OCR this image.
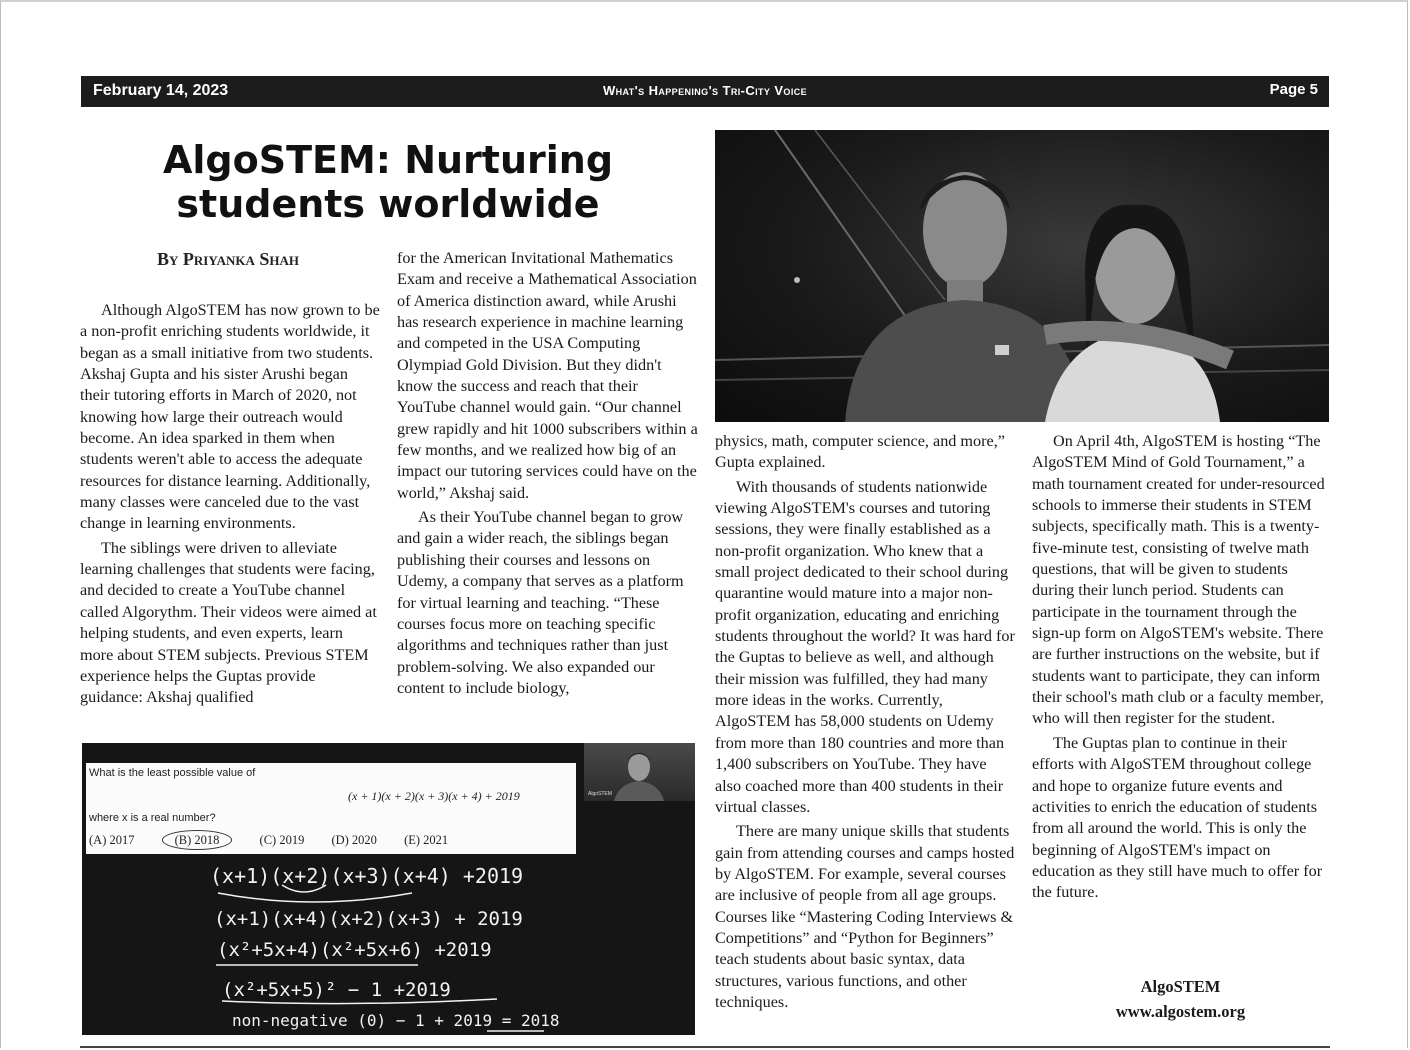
February 14, 2023	What's Happening's Tri-City Voice	Page 5
AlgoSTEM: Nurturing students worldwide
By Priyanka Shah

Although AlgoSTEM has now grown to be a non-profit enriching students worldwide, it began as a small initiative from two students. Akshaj Gupta and his sister Arushi began their tutoring efforts in March of 2020, not knowing how large their outreach would become. An idea sparked in them when students weren't able to access the adequate resources for distance learning. Additionally, many classes were canceled due to the vast change in learning environments.

The siblings were driven to alleviate learning challenges that students were facing, and decided to create a YouTube channel called Algorythm. Their videos were aimed at helping students, and even experts, learn more about STEM subjects. Previous STEM experience helps the Guptas provide guidance: Akshaj qualified

for the American Invitational Mathematics Exam and receive a Mathematical Association of America distinction award, while Arushi has research experience in machine learning and competed in the USA Computing Olympiad Gold Division. But they didn't know the success and reach that their YouTube channel would gain. “Our channel grew rapidly and hit 1000 subscribers within a few months, and we realized how big of an impact our tutoring services could have on the world,” Akshaj said.

As their YouTube channel began to grow and gain a wider reach, the siblings began publishing their courses and lessons on Udemy, a company that serves as a platform for virtual learning and teaching. “These courses focus more on teaching specific algorithms and techniques rather than just problem-solving. We also expanded our content to include biology,

physics, math, computer science, and more,” Gupta explained.

With thousands of students nationwide viewing AlgoSTEM's courses and tutoring sessions, they were finally established as a non-profit organization. Who knew that a small project dedicated to their school during quarantine would mature into a major non-profit organization, educating and enriching students throughout the world? It was hard for the Guptas to believe as well, and although their mission was fulfilled, they had many more ideas in the works. Currently, AlgoSTEM has 58,000 students on Udemy from more than 180 countries and more than 1,400 subscribers on YouTube. They have also coached more than 400 students in their virtual classes.

There are many unique skills that students gain from attending courses and camps hosted by AlgoSTEM. For example, several courses are inclusive of people from all age groups. Courses like “Mastering Coding Interviews & Competitions” and “Python for Beginners” teach students about basic syntax, data structures, various functions, and other techniques.

On April 4th, AlgoSTEM is hosting “The AlgoSTEM Mind of Gold Tournament,” a math tournament created for under-resourced schools to immerse their students in STEM subjects, specifically math. This is a twenty-five-minute test, consisting of twelve math questions, that will be given to students during their lunch period. Students can participate in the tournament through the sign-up form on AlgoSTEM's website. There are further instructions on the website, but if students want to participate, they can inform their school's math club or a faculty member, who will then register for the student.

The Guptas plan to continue in their efforts with AlgoSTEM throughout college and hope to organize future events and activities to enrich the education of students from all around the world. This is only the beginning of AlgoSTEM's impact on education as they still have much to offer for the future.

AlgoSTEM
www.algostem.org
What is the least possible value of
(x + 1)(x + 2)(x + 3)(x + 4) + 2019
where x is a real number?
(A) 2017	(B) 2018	(C) 2019 (D) 2020 (E) 2021
AlgoSTEM
(x+1)(x+2)(x+3)(x+4) +2019
(x+1)(x+4)(x+2)(x+3) + 2019
(x²+5x+4)(x²+5x+6) +2019
(x²+5x+5)² − 1 +2019
non-negative (0) − 1 + 2019 = 2018
